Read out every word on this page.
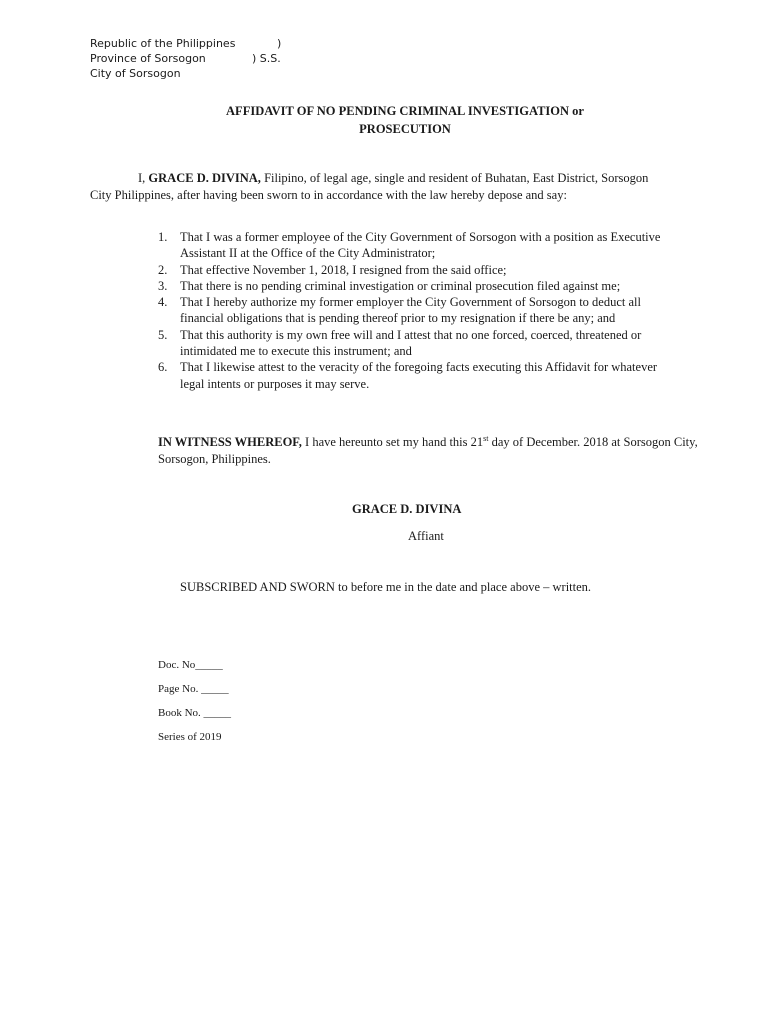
Republic of the Philippines	)
Province of Sorsogon	) S.S.
City of Sorsogon
AFFIDAVIT OF NO PENDING CRIMINAL INVESTIGATION or
PROSECUTION
I, GRACE D. DIVINA, Filipino, of legal age, single and resident of Buhatan, East District, Sorsogon City Philippines, after having been sworn to in accordance with the law hereby depose and say:
1. That I was a former employee of the City Government of Sorsogon with a position as Executive Assistant II at the Office of the City Administrator;
2. That effective November 1, 2018, I resigned from the said office;
3. That there is no pending criminal investigation or criminal prosecution filed against me;
4. That I hereby authorize my former employer the City Government of Sorsogon to deduct all financial obligations that is pending thereof prior to my resignation if there be any; and
5. That this authority is my own free will and I attest that no one forced, coerced, threatened or intimidated me to execute this instrument; and
6. That I likewise attest to the veracity of the foregoing facts executing this Affidavit for whatever legal intents or purposes it may serve.
IN WITNESS WHEREOF, I have hereunto set my hand this 21st day of December. 2018 at Sorsogon City, Sorsogon, Philippines.
GRACE D. DIVINA
Affiant
SUBSCRIBED AND SWORN to before me in the date and place above – written.
Doc. No_____
Page No. _____
Book No. _____
Series of 2019
